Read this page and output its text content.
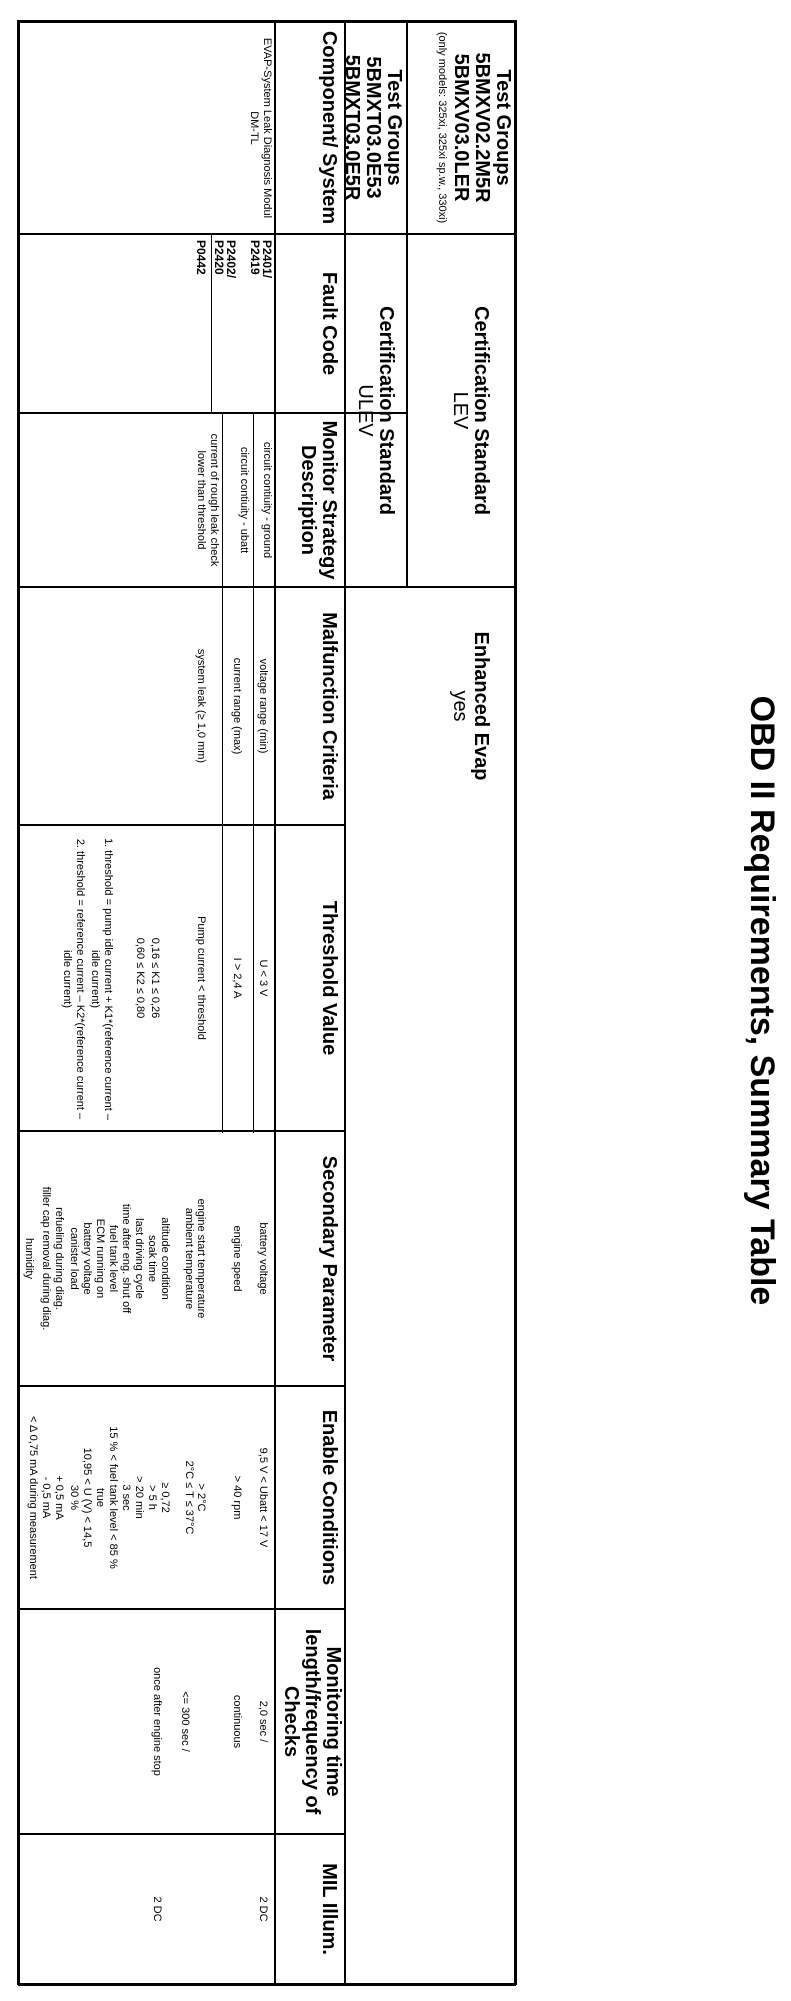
OBD II Requirements, Summary Table
Test Groups
5BMXV02.2M5R
5BMXV03.0LER
(only models: 325xi, 325xi sp.w., 330xi)
Test Groups
5BMXT03.0E53
5BMXT03.0E5R
Certification Standard
LEV
Certification Standard
ULEV
Enhanced Evap
yes
Component/ System
Fault Code
Monitor Strategy Description
Malfunction Criteria
Threshold Value
Secondary Parameter
Enable Conditions
Monitoring time length/frequency of Checks
MIL Illum.
EVAP-System Leak Diagnosis Modul DM-TL
P2401/
P2419
P2402/
P2420
P0442
circuit contiuity - ground
circuit contiuity - ubatt
current of rough leak check lower than threshold
voltage range (min)
current range (max)
system leak (≥ 1,0 mm)
U < 3 V
I > 2,4 A
Pump current < threshold
0,16 ≤ K1 ≤ 0,26
0,60 ≤ K2 ≤ 0,80
1. threshold = pump idle current + K1*(reference current – idle current)
2. threshold = reference current – K2*(reference current – idle current)
battery voltage
engine speed
engine start temperature
ambient temperature
altitude condition
soak time
last driving cycle
time after eng. shut off
fuel tank level
ECM running on
battery voltage
canister load
refueling during diag.
filler cap removal during diag.
humidity
9,5 V < Ubatt < 17 V
> 40 rpm
> 2°C
2°C ≤ T ≤ 37°C
≥ 0,72
> 5 h
> 20 min
3 sec
15 % < fuel tank level < 85 %
true
10,95 < U (V) < 14,5
30 %
+ 0,5 mA
- 0,5 mA
< Δ 0,75 mA during measurement
2,0 sec /
continuous
<= 300 sec /
once after engine stop
2 DC
2 DC
